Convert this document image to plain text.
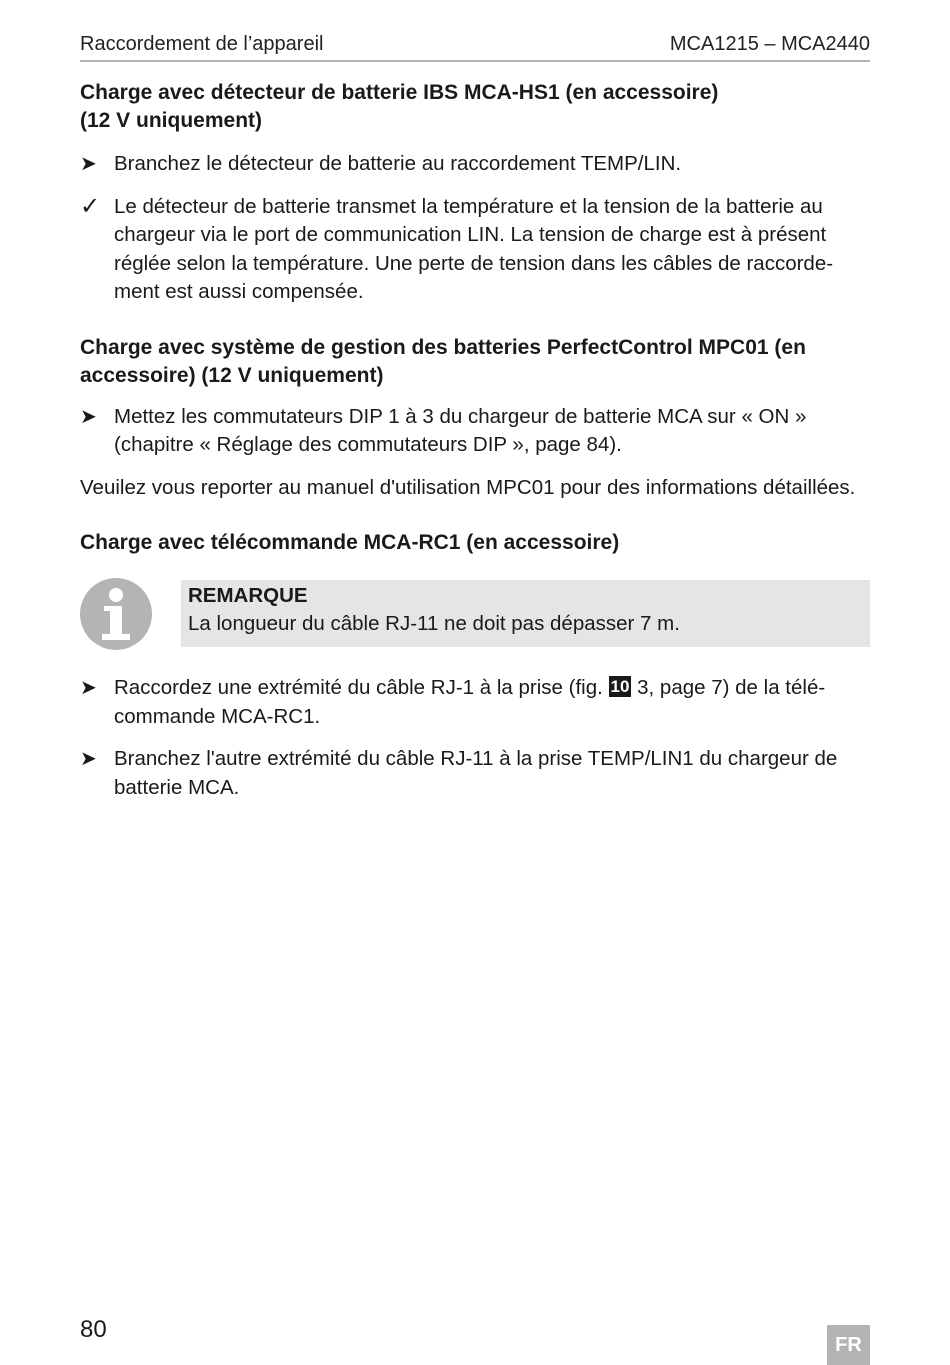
Raccordement de l’appareil	MCA1215 – MCA2440
Charge avec détecteur de batterie IBS MCA-HS1 (en accessoire)
(12 V uniquement)
➤ Branchez le détecteur de batterie au raccordement TEMP/LIN.
✓ Le détecteur de batterie transmet la température et la tension de la batterie au chargeur via le port de communication LIN. La tension de charge est à présent réglée selon la température. Une perte de tension dans les câbles de raccorde-ment est aussi compensée.
Charge avec système de gestion des batteries PerfectControl MPC01 (en
accessoire) (12 V uniquement)
➤ Mettez les commutateurs DIP 1 à 3 du chargeur de batterie MCA sur « ON » (chapitre « Réglage des commutateurs DIP », page 84).

Veuilez vous reporter au manuel d'utilisation MPC01 pour des informations détaillées.

Charge avec télécommande MCA-RC1 (en accessoire)
REMARQUE
La longueur du câble RJ-11 ne doit pas dépasser 7 m.
➤ Raccordez une extrémité du câble RJ-1 à la prise (fig. 10 3, page 7) de la télé-commande MCA-RC1.
➤ Branchez l'autre extrémité du câble RJ-11 à la prise TEMP/LIN1 du chargeur de batterie MCA.
80
FR
